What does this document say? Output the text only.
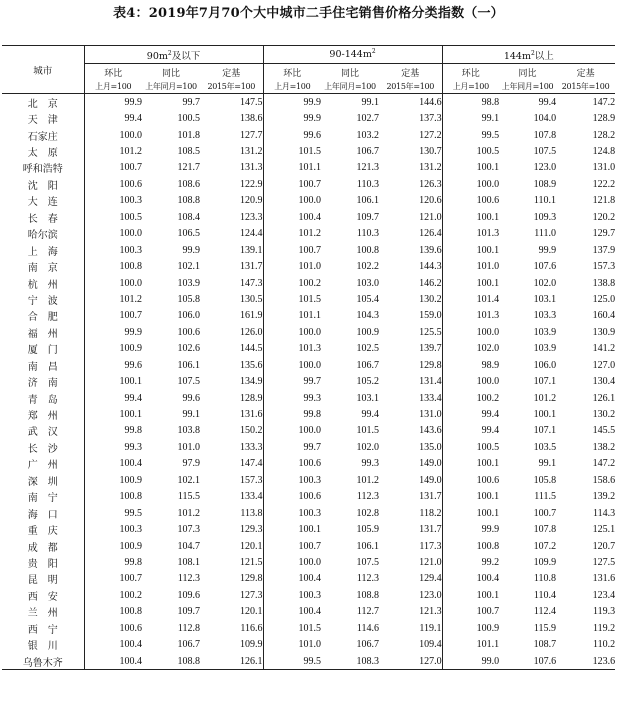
表4：2019年7月70个大中城市二手住宅销售价格分类指数（一）
城市	$90m^2$及以下			$90-144m^2$			$144m^2$以上		
	环比	同比	定基	环比	同比	定基	环比	同比	定基
	上月=100	上年同月=100	2015年=100	上月=100	上年同月=100	2015年=100	上月=100	上年同月=100	2015年=100
北　京	99.9	99.7	147.5	99.9	99.1	144.6	98.8	99.4	147.2
天　津	99.4	100.5	138.6	99.9	102.7	137.3	99.1	104.0	128.9
石家庄	100.0	101.8	127.7	99.6	103.2	127.2	99.5	107.8	128.2
太　原	101.2	108.5	131.2	101.5	106.7	130.7	100.5	107.5	124.8
呼和浩特	100.7	121.7	131.3	101.1	121.3	131.2	100.1	123.0	131.0
沈　阳	100.6	108.6	122.9	100.7	110.3	126.3	100.0	108.9	122.2
大　连	100.3	108.8	120.9	100.0	106.1	120.6	100.6	110.1	121.8
长　春	100.5	108.4	123.3	100.4	109.7	121.0	100.1	109.3	120.2
哈尔滨	100.0	106.5	124.4	101.2	110.3	126.4	101.3	111.0	129.7
上　海	100.3	99.9	139.1	100.7	100.8	139.6	100.1	99.9	137.9
南　京	100.8	102.1	131.7	101.0	102.2	144.3	101.0	107.6	157.3
杭　州	100.0	103.9	147.3	100.2	103.0	146.2	100.1	102.0	138.8
宁　波	101.2	105.8	130.5	101.5	105.4	130.2	101.4	103.1	125.0
合　肥	100.7	106.0	161.9	101.1	104.3	159.0	101.3	103.3	160.4
福　州	99.9	100.6	126.0	100.0	100.9	125.5	100.0	103.9	130.9
厦　门	100.9	102.6	144.5	101.3	102.5	139.7	102.0	103.9	141.2
南　昌	99.6	106.1	135.6	100.0	106.7	129.8	98.9	106.0	127.0
济　南	100.1	107.5	134.9	99.7	105.2	131.4	100.0	107.1	130.4
青　岛	99.4	99.6	128.9	99.3	103.1	133.4	100.2	101.2	126.1
郑　州	100.1	99.1	131.6	99.8	99.4	131.0	99.4	100.1	130.2
武　汉	99.8	103.8	150.2	100.0	101.5	143.6	99.4	107.1	145.5
长　沙	99.3	101.0	133.3	99.7	102.0	135.0	100.5	103.5	138.2
广　州	100.4	97.9	147.4	100.6	99.3	149.0	100.1	99.1	147.2
深　圳	100.9	102.1	157.3	100.3	101.2	149.0	100.6	105.8	158.6
南　宁	100.8	115.5	133.4	100.6	112.3	131.7	100.1	111.5	139.2
海　口	99.5	101.2	113.8	100.3	102.8	118.2	100.1	100.7	114.3
重　庆	100.3	107.3	129.3	100.1	105.9	131.7	99.9	107.8	125.1
成　都	100.9	104.7	120.1	100.7	106.1	117.3	100.8	107.2	120.7
贵　阳	99.8	108.1	121.5	100.0	107.5	121.0	99.2	109.9	127.5
昆　明	100.7	112.3	129.8	100.4	112.3	129.4	100.4	110.8	131.6
西　安	100.2	109.6	127.3	100.3	108.8	123.0	100.1	110.4	123.4
兰　州	100.8	109.7	120.1	100.4	112.7	121.3	100.7	112.4	119.3
西　宁	100.6	112.8	116.6	101.5	114.6	119.1	100.9	115.9	119.2
银　川	100.4	106.7	109.9	101.0	106.7	109.4	101.1	108.7	110.2
乌鲁木齐	100.4	108.8	126.1	99.5	108.3	127.0	99.0	107.6	123.6
